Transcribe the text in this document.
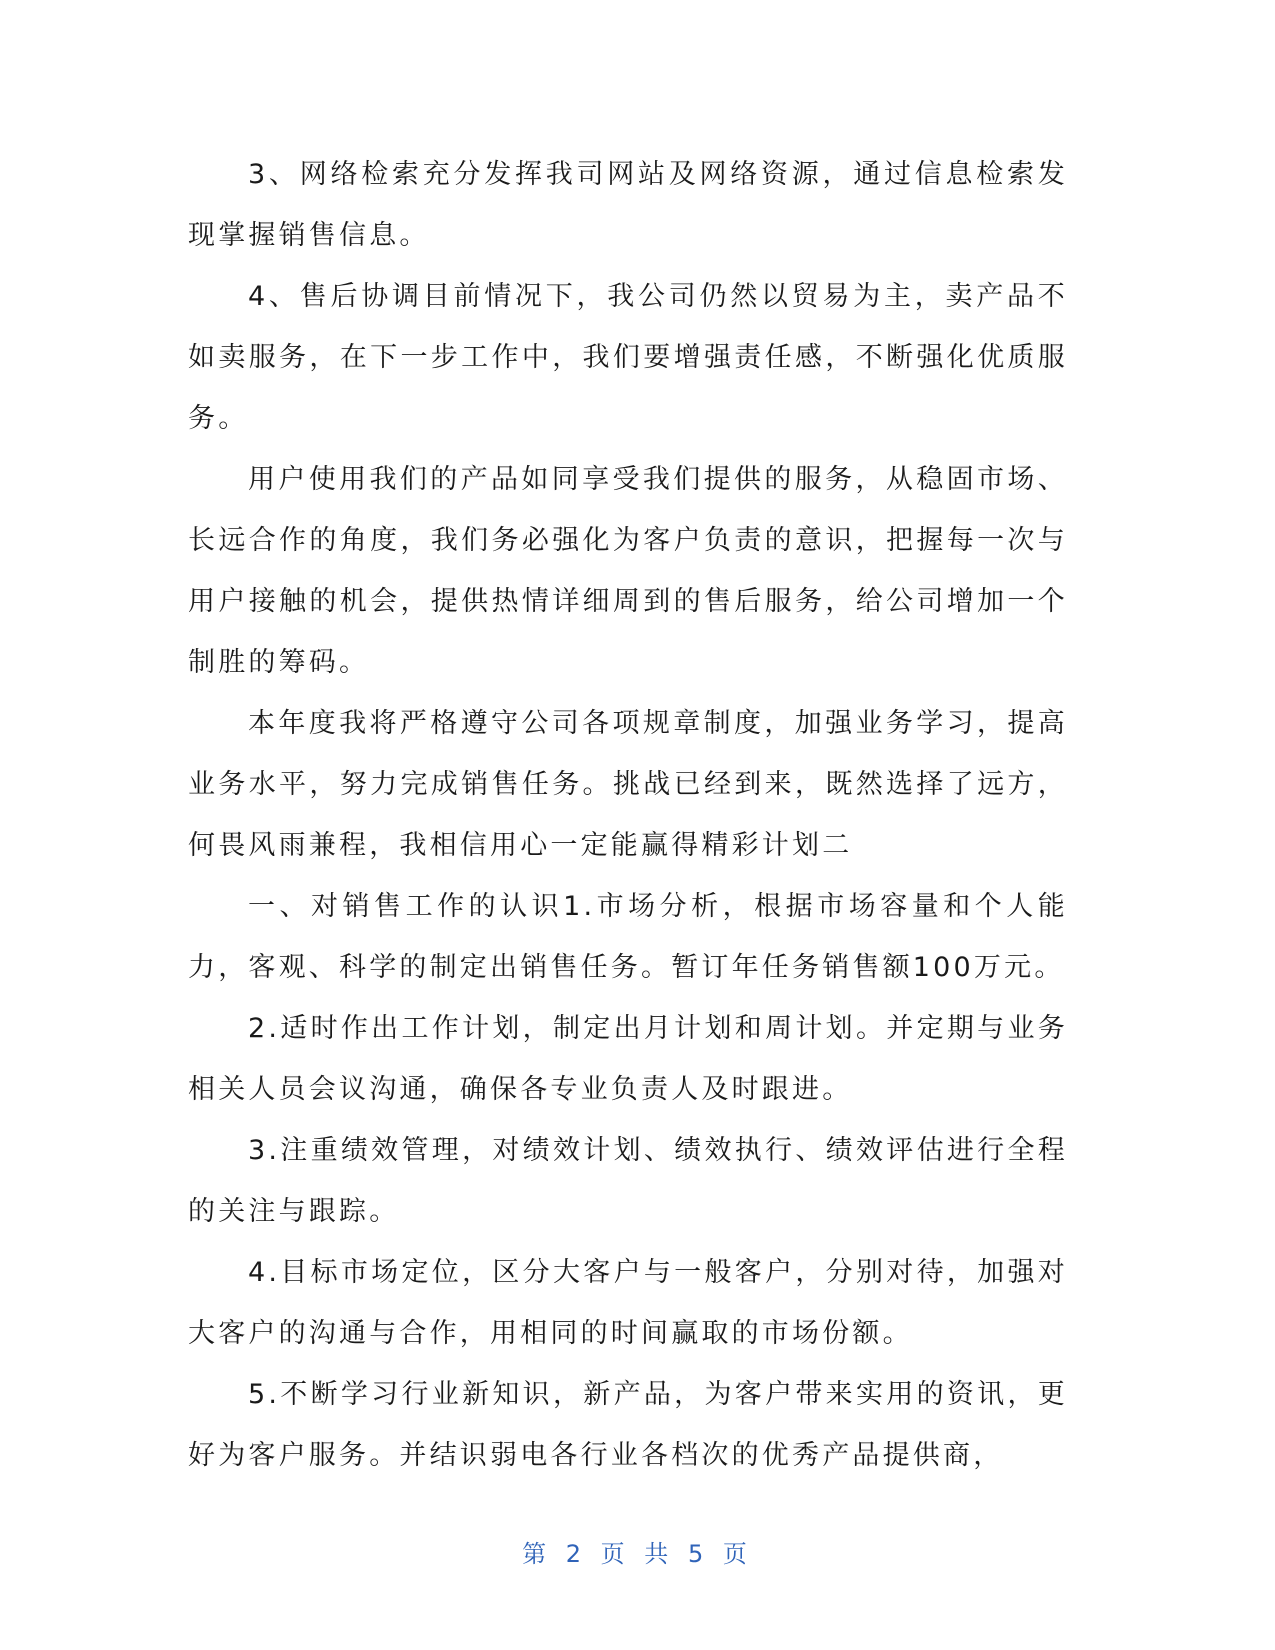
3、网络检索充分发挥我司网站及网络资源，通过信息检索发现掌握销售信息。

4、售后协调目前情况下，我公司仍然以贸易为主，卖产品不如卖服务，在下一步工作中，我们要增强责任感，不断强化优质服务。

用户使用我们的产品如同享受我们提供的服务，从稳固市场、长远合作的角度，我们务必强化为客户负责的意识，把握每一次与用户接触的机会，提供热情详细周到的售后服务，给公司增加一个制胜的筹码。

本年度我将严格遵守公司各项规章制度，加强业务学习，提高业务水平，努力完成销售任务。挑战已经到来，既然选择了远方，何畏风雨兼程，我相信用心一定能赢得精彩计划二

一、对销售工作的认识1.市场分析，根据市场容量和个人能力，客观、科学的制定出销售任务。暂订年任务销售额100万元。

2.适时作出工作计划，制定出月计划和周计划。并定期与业务相关人员会议沟通，确保各专业负责人及时跟进。

3.注重绩效管理，对绩效计划、绩效执行、绩效评估进行全程的关注与跟踪。

4.目标市场定位，区分大客户与一般客户，分别对待，加强对大客户的沟通与合作，用相同的时间赢取的市场份额。

5.不断学习行业新知识，新产品，为客户带来实用的资讯，更好为客户服务。并结识弱电各行业各档次的优秀产品提供商，

第 2 页 共 5 页
